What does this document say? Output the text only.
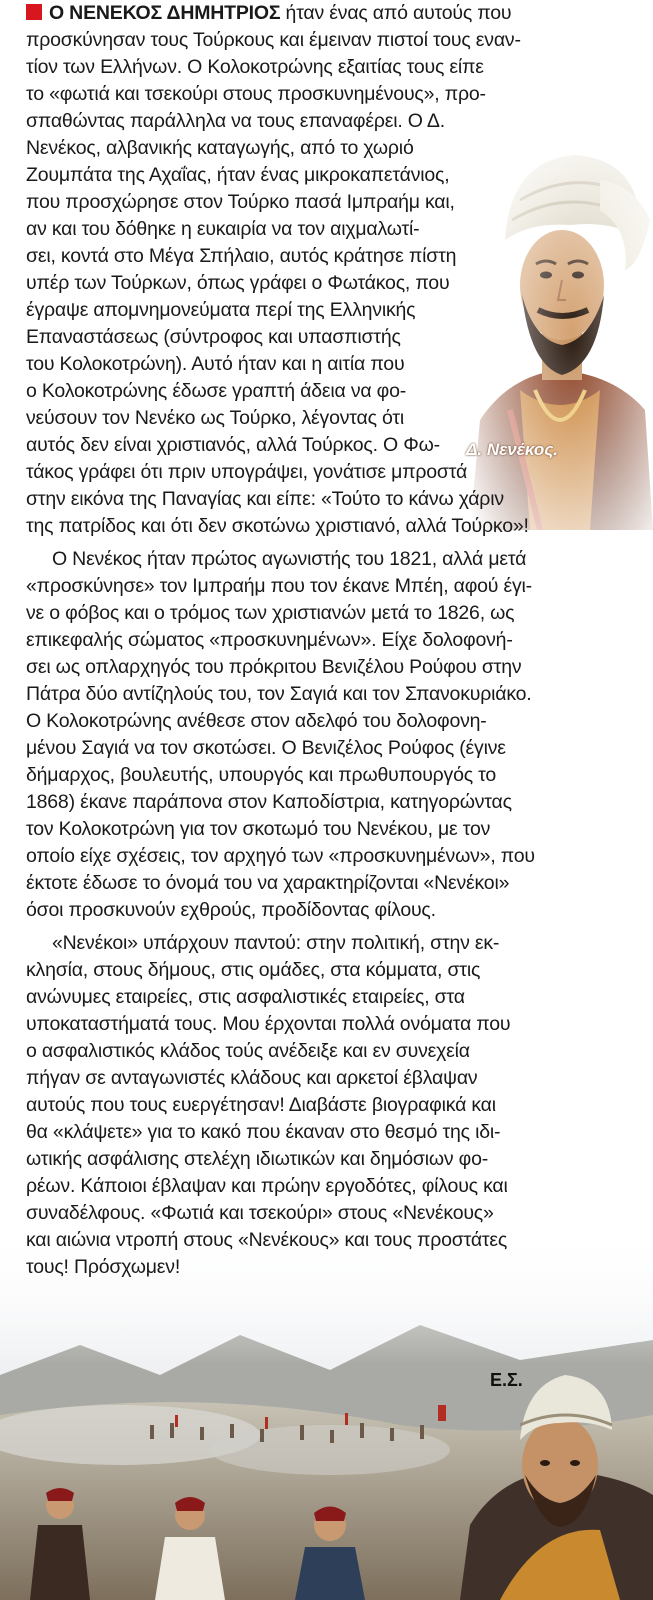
Δ. Νενέκος.
Ο ΝΕΝΕΚΟΣ ΔΗΜΗΤΡΙΟΣ ήταν ένας από αυτούς που
προσκύνησαν τους Τούρκους και έμειναν πιστοί τους εναν-
τίον των Ελλήνων. Ο Κολοκοτρώνης εξαιτίας τους είπε
το «φωτιά και τσεκούρι στους προσκυνημένους», προ-
σπαθώντας παράλληλα να τους επαναφέρει. Ο Δ.
Νενέκος, αλβανικής καταγωγής, από το χωριό
Ζουμπάτα της Αχαΐας, ήταν ένας μικροκαπετάνιος,
που προσχώρησε στον Τούρκο πασά Ιμπραήμ και,
αν και του δόθηκε η ευκαιρία να τον αιχμαλωτί-
σει, κοντά στο Μέγα Σπήλαιο, αυτός κράτησε πίστη
υπέρ των Τούρκων, όπως γράφει ο Φωτάκος, που
έγραψε απομνημονεύματα περί της Ελληνικής
Επαναστάσεως (σύντροφος και υπασπιστής
του Κολοκοτρώνη). Αυτό ήταν και η αιτία που
ο Κολοκοτρώνης έδωσε γραπτή άδεια να φο-
νεύσουν τον Νενέκο ως Τούρκο, λέγοντας ότι
αυτός δεν είναι χριστιανός, αλλά Τούρκος. Ο Φω-
τάκος γράφει ότι πριν υπογράψει, γονάτισε μπροστά
στην εικόνα της Παναγίας και είπε: «Τούτο το κάνω χάριν
της πατρίδος και ότι δεν σκοτώνω χριστιανό, αλλά Τούρκο»!
Ο Νενέκος ήταν πρώτος αγωνιστής του 1821, αλλά μετά
«προσκύνησε» τον Ιμπραήμ που τον έκανε Μπέη, αφού έγι-
νε ο φόβος και ο τρόμος των χριστιανών μετά το 1826, ως
επικεφαλής σώματος «προσκυνημένων». Είχε δολοφονή-
σει ως οπλαρχηγός του πρόκριτου Βενιζέλου Ρούφου στην
Πάτρα δύο αντίζηλούς του, τον Σαγιά και τον Σπανοκυριάκο.
Ο Κολοκοτρώνης ανέθεσε στον αδελφό του δολοφονη-
μένου Σαγιά να τον σκοτώσει. Ο Βενιζέλος Ρούφος (έγινε
δήμαρχος, βουλευτής, υπουργός και πρωθυπουργός το
1868) έκανε παράπονα στον Καποδίστρια, κατηγορώντας
τον Κολοκοτρώνη για τον σκοτωμό του Νενέκου, με τον
οποίο είχε σχέσεις, τον αρχηγό των «προσκυνημένων», που
έκτοτε έδωσε το όνομά του να χαρακτηρίζονται «Νενέκοι»
όσοι προσκυνούν εχθρούς, προδίδοντας φίλους.
«Νενέκοι» υπάρχουν παντού: στην πολιτική, στην εκ-
κλησία, στους δήμους, στις ομάδες, στα κόμματα, στις
ανώνυμες εταιρείες, στις ασφαλιστικές εταιρείες, στα
υποκαταστήματά τους. Μου έρχονται πολλά ονόματα που
ο ασφαλιστικός κλάδος τούς ανέδειξε και εν συνεχεία
πήγαν σε ανταγωνιστές κλάδους και αρκετοί έβλαψαν
αυτούς που τους ευεργέτησαν! Διαβάστε βιογραφικά και
θα «κλάψετε» για το κακό που έκαναν στο θεσμό της ιδι-
ωτικής ασφάλισης στελέχη ιδιωτικών και δημόσιων φο-
ρέων. Κάποιοι έβλαψαν και πρώην εργοδότες, φίλους και
συναδέλφους. «Φωτιά και τσεκούρι» στους «Νενέκους»
και αιώνια ντροπή στους «Νενέκους» και τους προστάτες
τους! Πρόσχωμεν!
Ε.Σ.
